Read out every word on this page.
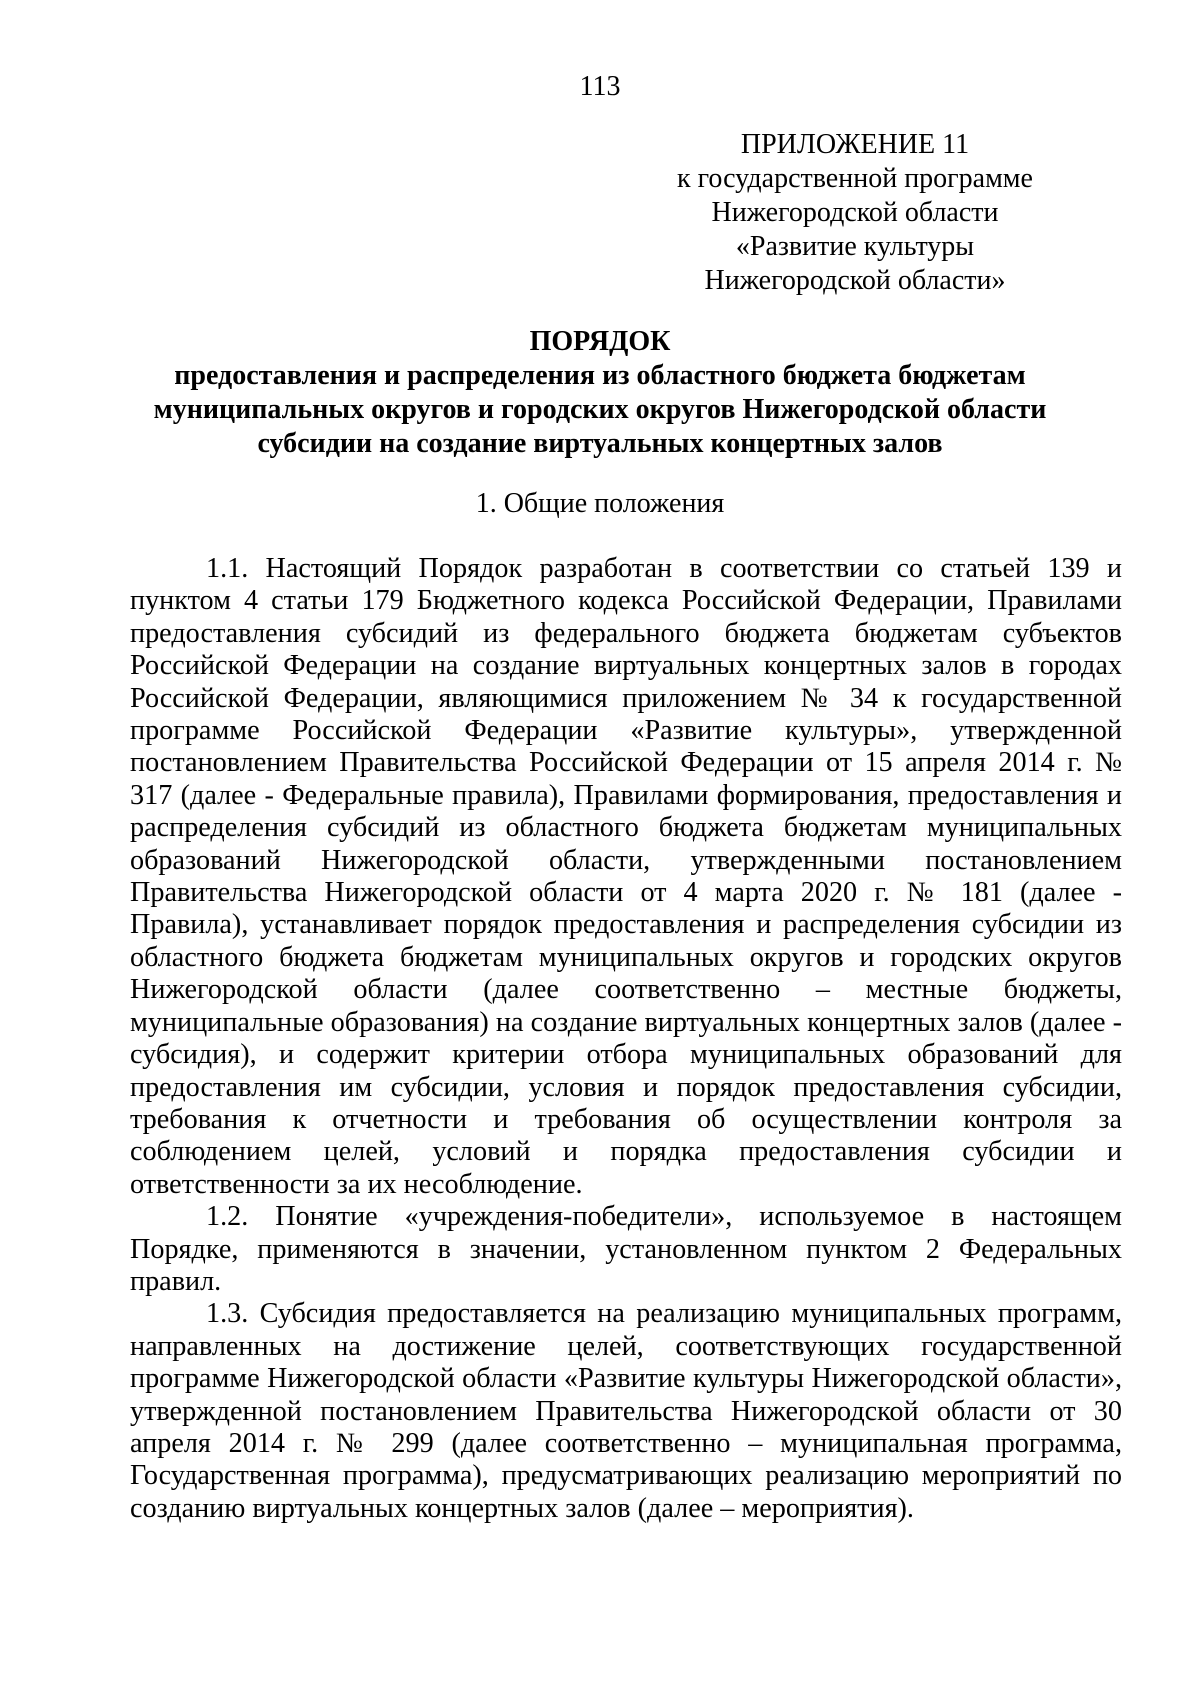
113
ПРИЛОЖЕНИЕ 11
к государственной программе
Нижегородской области
«Развитие культуры
Нижегородской области»
ПОРЯДОК
предоставления и распределения из областного бюджета бюджетам
муниципальных округов и городских округов Нижегородской области
субсидии на создание виртуальных концертных залов
1. Общие положения

1.1. Настоящий Порядок разработан в соответствии со статьей 139 и пунктом 4 статьи 179 Бюджетного кодекса Российской Федерации, Правилами предоставления субсидий из федерального бюджета бюджетам субъектов Российской Федерации на создание виртуальных концертных залов в городах Российской Федерации, являющимися приложением № 34 к государственной программе Российской Федерации «Развитие культуры», утвержденной постановлением Правительства Российской Федерации от 15 апреля 2014 г. № 317 (далее - Федеральные правила), Правилами формирования, предоставления и распределения субсидий из областного бюджета бюджетам муниципальных образований Нижегородской области, утвержденными постановлением Правительства Нижегородской области от 4 марта 2020 г. № 181 (далее - Правила), устанавливает порядок предоставления и распределения субсидии из областного бюджета бюджетам муниципальных округов и городских округов Нижегородской области (далее соответственно – местные бюджеты, муниципальные образования) на создание виртуальных концертных залов (далее - субсидия), и содержит критерии отбора муниципальных образований для предоставления им субсидии, условия и порядок предоставления субсидии, требования к отчетности и требования об осуществлении контроля за соблюдением целей, условий и порядка предоставления субсидии и ответственности за их несоблюдение.

1.2. Понятие «учреждения-победители», используемое в настоящем Порядке, применяются в значении, установленном пунктом 2 Федеральных правил.

1.3. Субсидия предоставляется на реализацию муниципальных программ, направленных на достижение целей, соответствующих государственной программе Нижегородской области «Развитие культуры Нижегородской области», утвержденной постановлением Правительства Нижегородской области от 30 апреля 2014 г. № 299 (далее соответственно – муниципальная программа, Государственная программа), предусматривающих реализацию мероприятий по созданию виртуальных концертных залов (далее – мероприятия).
